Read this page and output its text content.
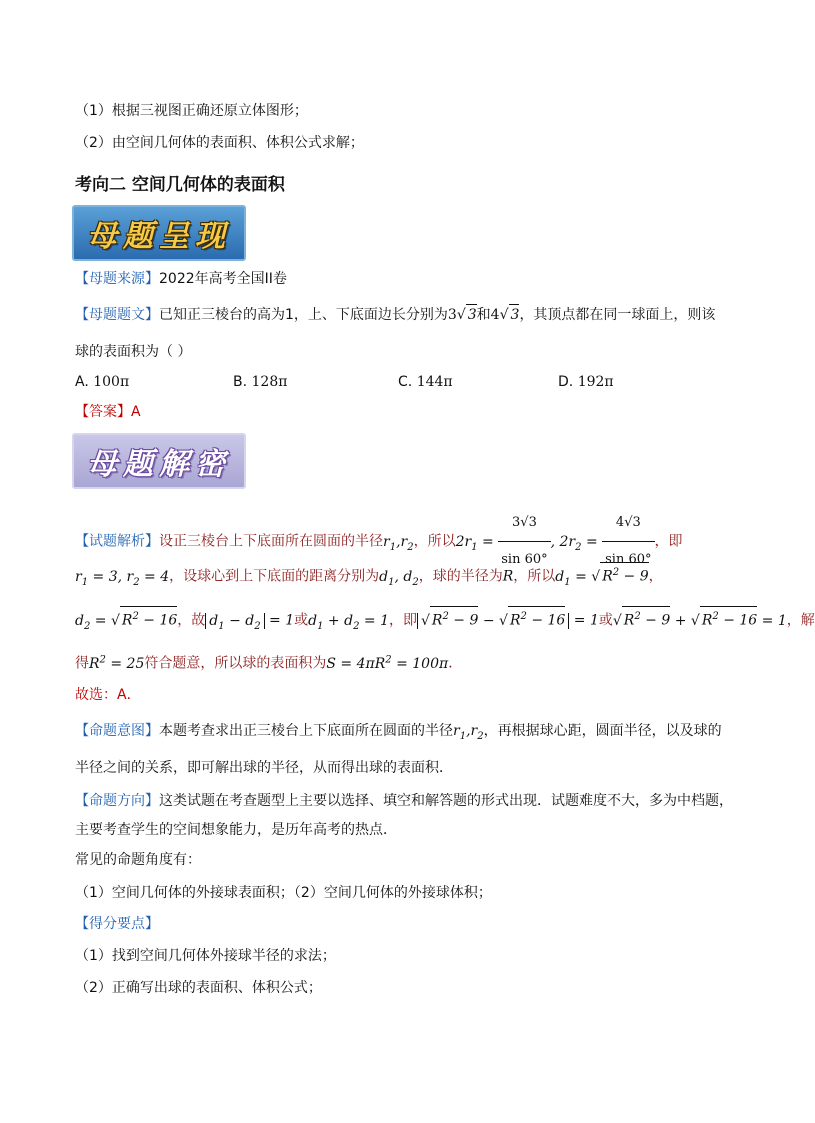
（1）根据三视图正确还原立体图形；
（2）由空间几何体的表面积、体积公式求解；
考向二 空间几何体的表面积
母题呈现
【母题来源】2022年高考全国II卷
【母题题文】已知正三棱台的高为1，上、下底面边长分别为3√ 3和4√ 3，其顶点都在同一球面上，则该
球的表面积为（ ）
A. 100π	B. 128π	C. 144π	D. 192π
【答案】A
母题解密
【试题解析】设正三棱台上下底面所在圆面的半径$r_1,r_2$，所以$2r_1 = \frac{3√3}{\sin 60^\circ}$ , $2r_2 = \frac{4√3}{\sin 60^\circ}$ ，即
$r_1 = 3$, $r_2 = 4$，设球心到上下底面的距离分别为$d_1$, $d_2$，球的半径为R，所以$d_1$ = √ $R^2 - 9$，
$d_2$ = √ $R^2 - 16$，故 $d_1 - d_2 = 1$或$d_1 + d_2 = 1$，即 √ $R^2 - 9$ − √ $R^2 - 16 = 1$或√ $R^2 - 9$ + √ $R^2 - 16 = 1$，解
得$R^2 = 25$符合题意，所以球的表面积为$S = 4\pi R^2 = 100\pi$．
故选：A．
【命题意图】本题考查求出正三棱台上下底面所在圆面的半径$r_1,r_2$，再根据球心距，圆面半径，以及球的
半径之间的关系，即可解出球的半径，从而得出球的表面积．
【命题方向】这类试题在考查题型上主要以选择、填空和解答题的形式出现．试题难度不大，多为中档题，
主要考查学生的空间想象能力，是历年高考的热点．
常见的命题角度有：
（1）空间几何体的外接球表面积；（2）空间几何体的外接球体积；
【得分要点】
（1）找到空间几何体外接球半径的求法；
（2）正确写出球的表面积、体积公式；
